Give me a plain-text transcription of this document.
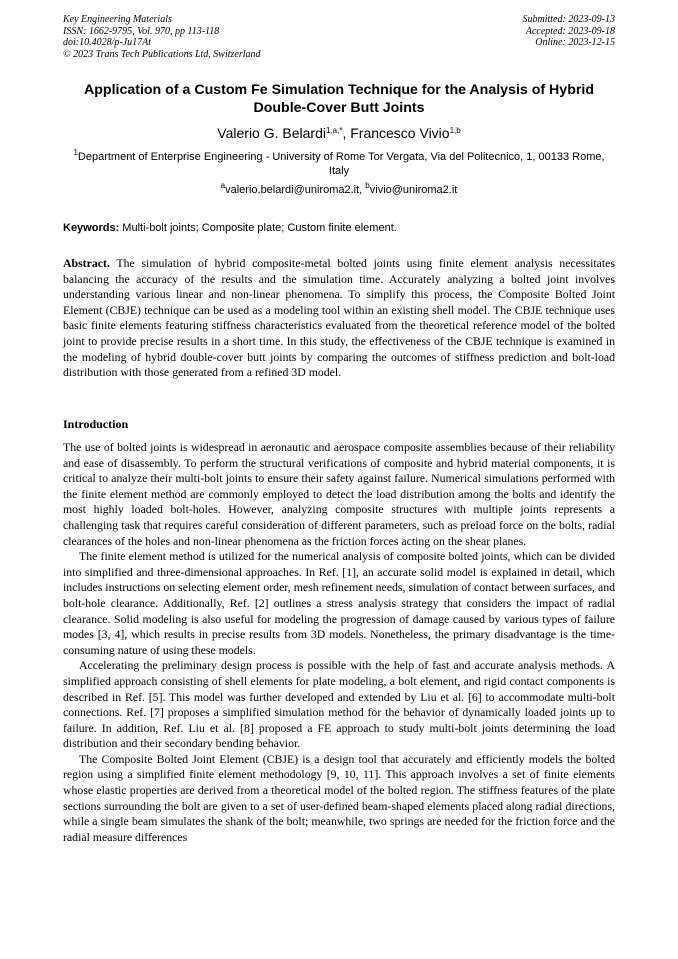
Key Engineering Materials
ISSN: 1662-9795, Vol. 970, pp 113-118
doi:10.4028/p-Ju17At
© 2023 Trans Tech Publications Ltd, Switzerland
Submitted: 2023-09-13
Accepted: 2023-09-18
Online: 2023-12-15
Application of a Custom Fe Simulation Technique for the Analysis of Hybrid Double-Cover Butt Joints
Valerio G. Belardi$^{1,a,*}$, Francesco Vivio$^{1,b}$
$^1$Department of Enterprise Engineering - University of Rome Tor Vergata, Via del Politecnico, 1, 00133 Rome, Italy
$^a$valerio.belardi@uniroma2.it, $^b$vivio@uniroma2.it
Keywords: Multi-bolt joints; Composite plate; Custom finite element.
Abstract. The simulation of hybrid composite-metal bolted joints using finite element analysis necessitates balancing the accuracy of the results and the simulation time. Accurately analyzing a bolted joint involves understanding various linear and non-linear phenomena. To simplify this process, the Composite Bolted Joint Element (CBJE) technique can be used as a modeling tool within an existing shell model. The CBJE technique uses basic finite elements featuring stiffness characteristics evaluated from the theoretical reference model of the bolted joint to provide precise results in a short time. In this study, the effectiveness of the CBJE technique is examined in the modeling of hybrid double-cover butt joints by comparing the outcomes of stiffness prediction and bolt-load distribution with those generated from a refined 3D model.
Introduction

The use of bolted joints is widespread in aeronautic and aerospace composite assemblies because of their reliability and ease of disassembly. To perform the structural verifications of composite and hybrid material components, it is critical to analyze their multi-bolt joints to ensure their safety against failure. Numerical simulations performed with the finite element method are commonly employed to detect the load distribution among the bolts and identify the most highly loaded bolt-holes. However, analyzing composite structures with multiple joints represents a challenging task that requires careful consideration of different parameters, such as preload force on the bolts, radial clearances of the holes and non-linear phenomena as the friction forces acting on the shear planes.

The finite element method is utilized for the numerical analysis of composite bolted joints, which can be divided into simplified and three-dimensional approaches. In Ref. [1], an accurate solid model is explained in detail, which includes instructions on selecting element order, mesh refinement needs, simulation of contact between surfaces, and bolt-hole clearance. Additionally, Ref. [2] outlines a stress analysis strategy that considers the impact of radial clearance. Solid modeling is also useful for modeling the progression of damage caused by various types of failure modes [3, 4], which results in precise results from 3D models. Nonetheless, the primary disadvantage is the time-consuming nature of using these models.

Accelerating the preliminary design process is possible with the help of fast and accurate analysis methods. A simplified approach consisting of shell elements for plate modeling, a bolt element, and rigid contact components is described in Ref. [5]. This model was further developed and extended by Liu et al. [6] to accommodate multi-bolt connections. Ref. [7] proposes a simplified simulation method for the behavior of dynamically loaded joints up to failure. In addition, Ref. Liu et al. [8] proposed a FE approach to study multi-bolt joints determining the load distribution and their secondary bending behavior.

The Composite Bolted Joint Element (CBJE) is a design tool that accurately and efficiently models the bolted region using a simplified finite element methodology [9, 10, 11]. This approach involves a set of finite elements whose elastic properties are derived from a theoretical model of the bolted region. The stiffness features of the plate sections surrounding the bolt are given to a set of user-defined beam-shaped elements placed along radial directions, while a single beam simulates the shank of the bolt; meanwhile, two springs are needed for the friction force and the radial measure differences
